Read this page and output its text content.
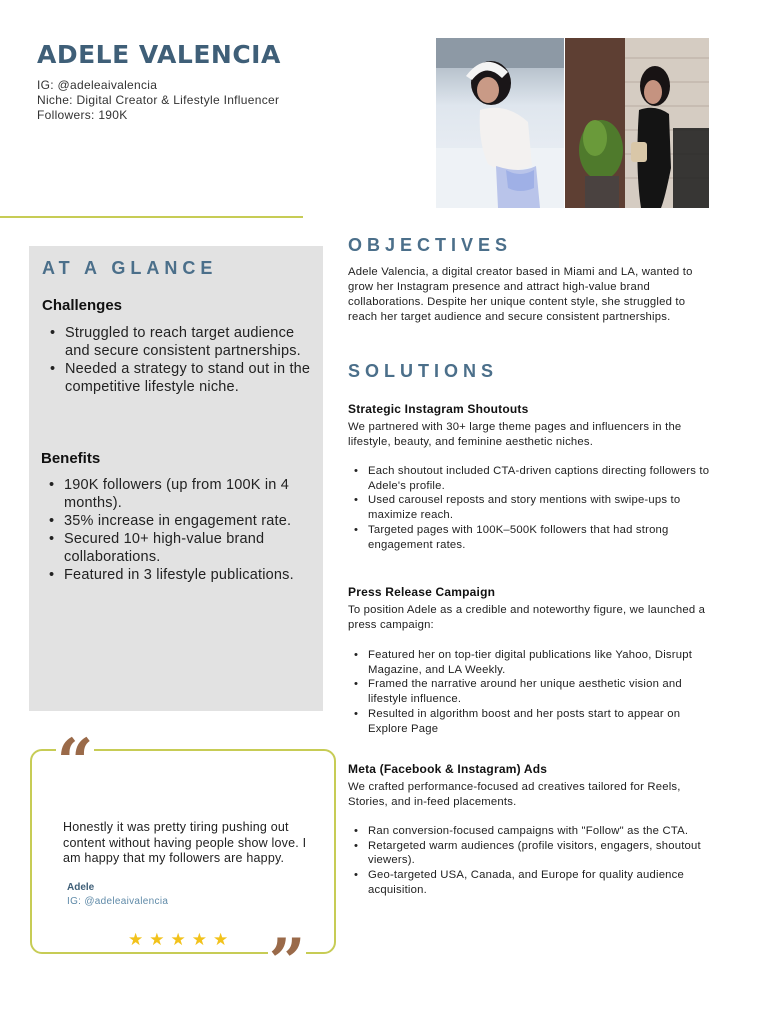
ADELE VALENCIA
IG: @adeleaivalencia
Niche: Digital Creator & Lifestyle Influencer
Followers: 190K
AT A GLANCE
Challenges
• Struggled to reach target audience and secure consistent partnerships.
• Needed a strategy to stand out in the competitive lifestyle niche.
Benefits
• 190K followers (up from 100K in 4 months).
• 35% increase in engagement rate.
• Secured 10+ high-value brand collaborations.
• Featured in 3 lifestyle publications.
“
”
Honestly it was pretty tiring pushing out content without having people show love. I am happy that my followers are happy.
Adele
IG: @adeleaivalencia
★ ★ ★ ★ ★
OBJECTIVES
Adele Valencia, a digital creator based in Miami and LA, wanted to grow her Instagram presence and attract high-value brand collaborations. Despite her unique content style, she struggled to reach her target audience and secure consistent partnerships.
SOLUTIONS
Strategic Instagram Shoutouts
We partnered with 30+ large theme pages and influencers in the lifestyle, beauty, and feminine aesthetic niches.
• Each shoutout included CTA-driven captions directing followers to Adele's profile.
• Used carousel reposts and story mentions with swipe-ups to maximize reach.
• Targeted pages with 100K–500K followers that had strong engagement rates.
Press Release Campaign
To position Adele as a credible and noteworthy figure, we launched a press campaign:
• Featured her on top-tier digital publications like Yahoo, Disrupt Magazine, and LA Weekly.
• Framed the narrative around her unique aesthetic vision and lifestyle influence.
• Resulted in algorithm boost and her posts start to appear on Explore Page
Meta (Facebook & Instagram) Ads
We crafted performance-focused ad creatives tailored for Reels, Stories, and in-feed placements.
• Ran conversion-focused campaigns with "Follow" as the CTA.
• Retargeted warm audiences (profile visitors, engagers, shoutout viewers).
• Geo-targeted USA, Canada, and Europe for quality audience acquisition.
